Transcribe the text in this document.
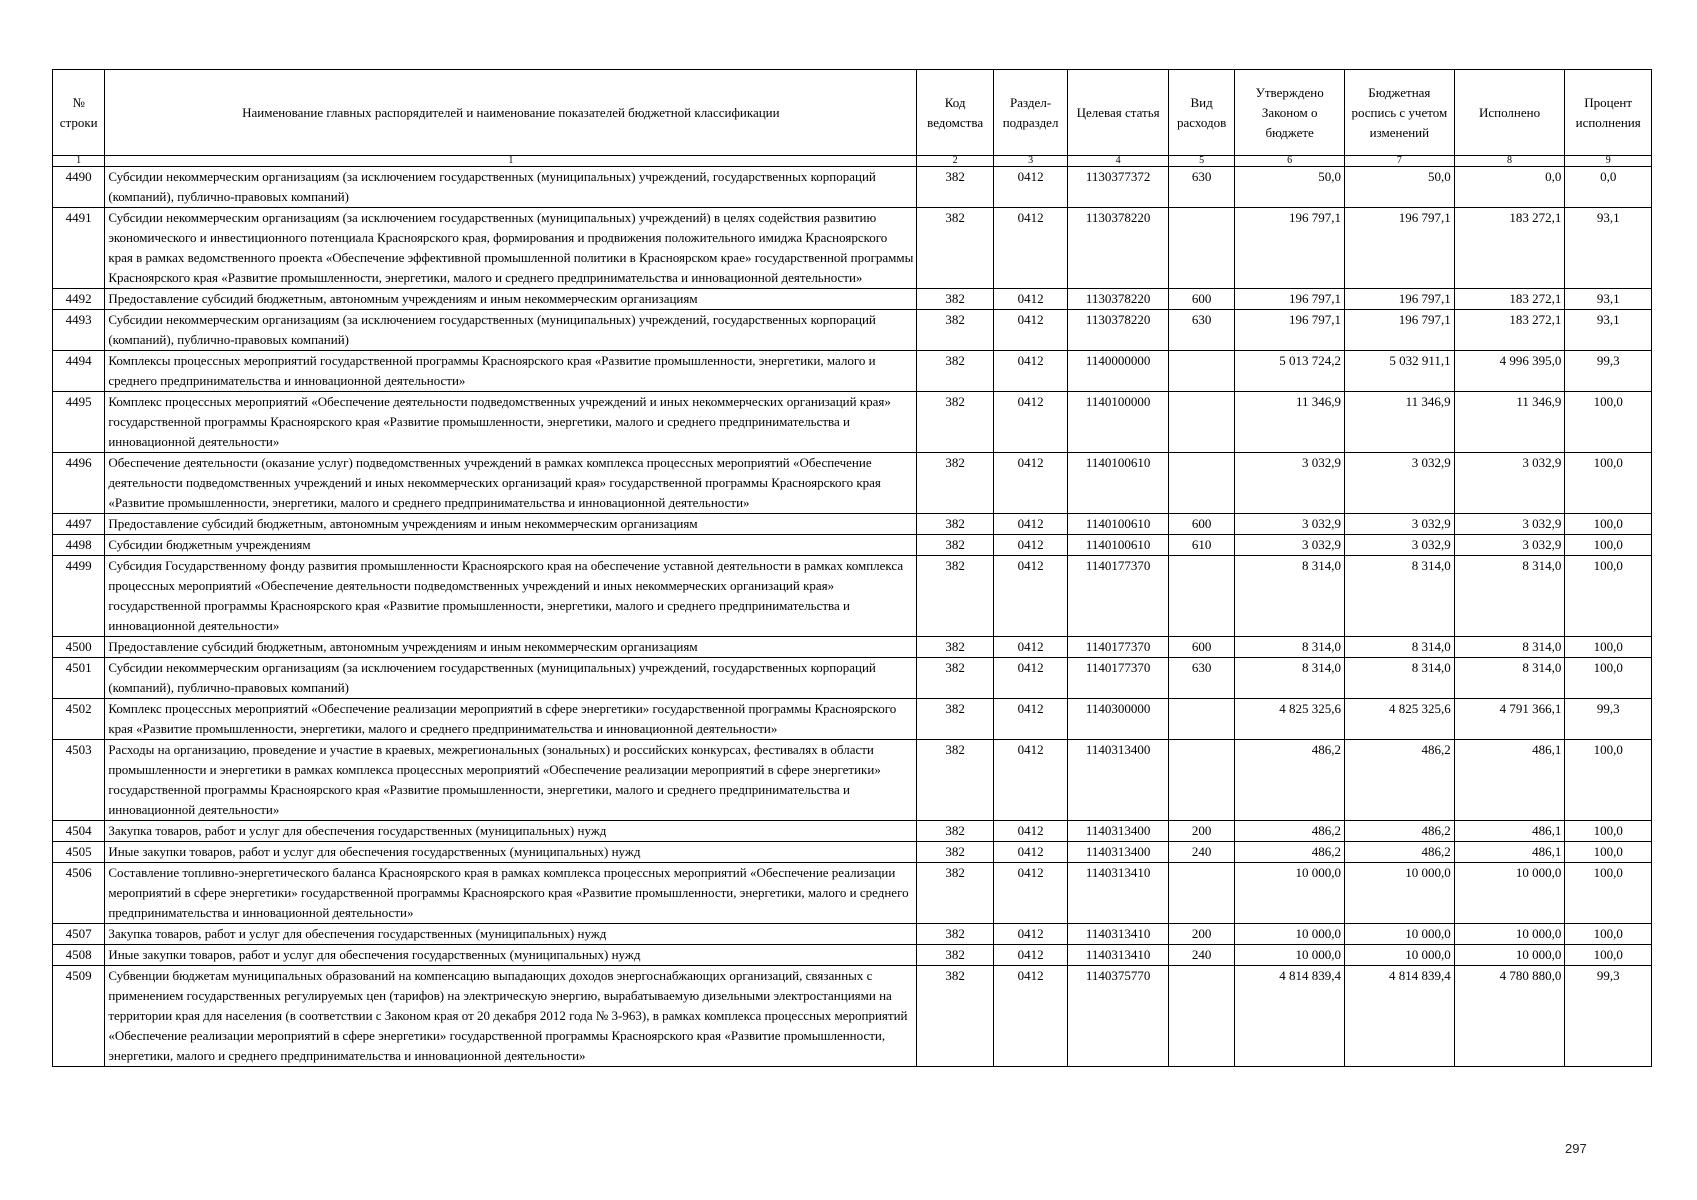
№ строки	Наименование главных распорядителей и наименование показателей бюджетной классификации	Код ведомства	Раздел-подраздел	Целевая статья	Вид расходов	Утверждено Законом о бюджете	Бюджетная роспись с учетом изменений	Исполнено	Процент исполнения
1	1	2	3	4	5	6	7	8	9
4490	Субсидии некоммерческим организациям (за исключением государственных (муниципальных) учреждений, государственных корпораций (компаний), публично-правовых компаний)	382	0412	1130377372	630	50,0	50,0	0,0	0,0
4491	Субсидии некоммерческим организациям (за исключением государственных (муниципальных) учреждений) в целях содействия развитию экономического и инвестиционного потенциала Красноярского края, формирования и продвижения положительного имиджа Красноярского края в рамках ведомственного проекта «Обеспечение эффективной промышленной политики в Красноярском крае» государственной программы Красноярского края «Развитие промышленности, энергетики, малого и среднего предпринимательства и инновационной деятельности»	382	0412	1130378220		196 797,1	196 797,1	183 272,1	93,1
4492	Предоставление субсидий бюджетным, автономным учреждениям и иным некоммерческим организациям	382	0412	1130378220	600	196 797,1	196 797,1	183 272,1	93,1
4493	Субсидии некоммерческим организациям (за исключением государственных (муниципальных) учреждений, государственных корпораций (компаний), публично-правовых компаний)	382	0412	1130378220	630	196 797,1	196 797,1	183 272,1	93,1
4494	Комплексы процессных мероприятий государственной программы Красноярского края «Развитие промышленности, энергетики, малого и среднего предпринимательства и инновационной деятельности»	382	0412	1140000000		5 013 724,2	5 032 911,1	4 996 395,0	99,3
4495	Комплекс процессных мероприятий «Обеспечение деятельности подведомственных учреждений и иных некоммерческих организаций края» государственной программы Красноярского края «Развитие промышленности, энергетики, малого и среднего предпринимательства и инновационной деятельности»	382	0412	1140100000		11 346,9	11 346,9	11 346,9	100,0
4496	Обеспечение деятельности (оказание услуг) подведомственных учреждений в рамках комплекса процессных мероприятий «Обеспечение деятельности подведомственных учреждений и иных некоммерческих организаций края» государственной программы Красноярского края «Развитие промышленности, энергетики, малого и среднего предпринимательства и инновационной деятельности»	382	0412	1140100610		3 032,9	3 032,9	3 032,9	100,0
4497	Предоставление субсидий бюджетным, автономным учреждениям и иным некоммерческим организациям	382	0412	1140100610	600	3 032,9	3 032,9	3 032,9	100,0
4498	Субсидии бюджетным учреждениям	382	0412	1140100610	610	3 032,9	3 032,9	3 032,9	100,0
4499	Субсидия Государственному фонду развития промышленности Красноярского края на обеспечение уставной деятельности в рамках комплекса процессных мероприятий «Обеспечение деятельности подведомственных учреждений и иных некоммерческих организаций края» государственной программы Красноярского края «Развитие промышленности, энергетики, малого и среднего предпринимательства и инновационной деятельности»	382	0412	1140177370		8 314,0	8 314,0	8 314,0	100,0
4500	Предоставление субсидий бюджетным, автономным учреждениям и иным некоммерческим организациям	382	0412	1140177370	600	8 314,0	8 314,0	8 314,0	100,0
4501	Субсидии некоммерческим организациям (за исключением государственных (муниципальных) учреждений, государственных корпораций (компаний), публично-правовых компаний)	382	0412	1140177370	630	8 314,0	8 314,0	8 314,0	100,0
4502	Комплекс процессных мероприятий «Обеспечение реализации мероприятий в сфере энергетики» государственной программы Красноярского края «Развитие промышленности, энергетики, малого и среднего предпринимательства и инновационной деятельности»	382	0412	1140300000		4 825 325,6	4 825 325,6	4 791 366,1	99,3
4503	Расходы на организацию, проведение и участие в краевых, межрегиональных (зональных) и российских конкурсах, фестивалях в области промышленности и энергетики в рамках комплекса процессных мероприятий «Обеспечение реализации мероприятий в сфере энергетики» государственной программы Красноярского края «Развитие промышленности, энергетики, малого и среднего предпринимательства и инновационной деятельности»	382	0412	1140313400		486,2	486,2	486,1	100,0
4504	Закупка товаров, работ и услуг для обеспечения государственных (муниципальных) нужд	382	0412	1140313400	200	486,2	486,2	486,1	100,0
4505	Иные закупки товаров, работ и услуг для обеспечения государственных (муниципальных) нужд	382	0412	1140313400	240	486,2	486,2	486,1	100,0
4506	Составление топливно-энергетического баланса Красноярского края в рамках комплекса процессных мероприятий «Обеспечение реализации мероприятий в сфере энергетики» государственной программы Красноярского края «Развитие промышленности, энергетики, малого и среднего предпринимательства и инновационной деятельности»	382	0412	1140313410		10 000,0	10 000,0	10 000,0	100,0
4507	Закупка товаров, работ и услуг для обеспечения государственных (муниципальных) нужд	382	0412	1140313410	200	10 000,0	10 000,0	10 000,0	100,0
4508	Иные закупки товаров, работ и услуг для обеспечения государственных (муниципальных) нужд	382	0412	1140313410	240	10 000,0	10 000,0	10 000,0	100,0
4509	Субвенции бюджетам муниципальных образований на компенсацию выпадающих доходов энергоснабжающих организаций, связанных с применением государственных регулируемых цен (тарифов) на электрическую энергию, вырабатываемую дизельными электростанциями на территории края для населения (в соответствии с Законом края от 20 декабря 2012 года № 3-963), в рамках комплекса процессных мероприятий «Обеспечение реализации мероприятий в сфере энергетики» государственной программы Красноярского края «Развитие промышленности, энергетики, малого и среднего предпринимательства и инновационной деятельности»	382	0412	1140375770		4 814 839,4	4 814 839,4	4 780 880,0	99,3
297
